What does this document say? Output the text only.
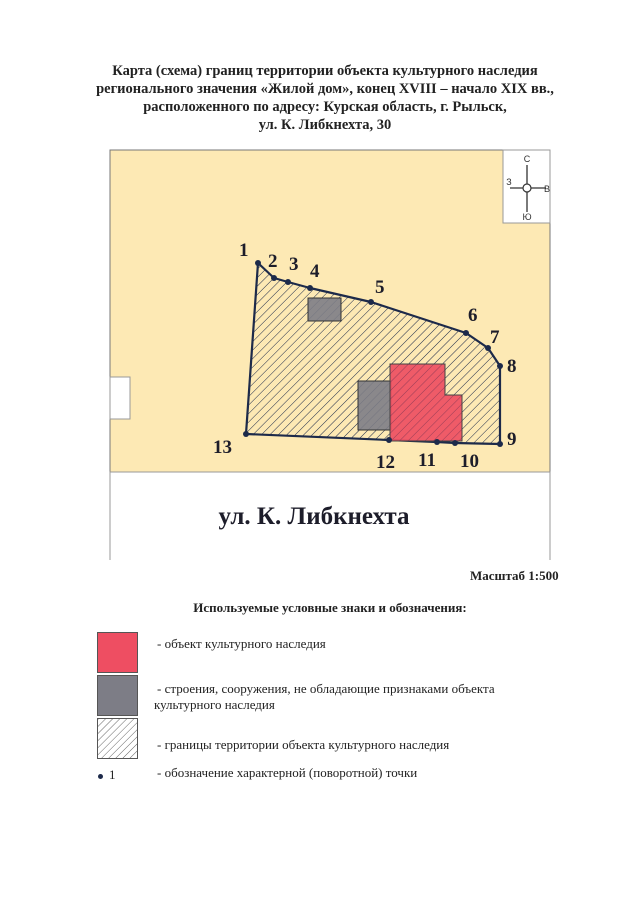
Карта (схема) границ территории объекта культурного наследия
регионального значения «Жилой дом», конец XVIII – начало XIX вв.,
расположенного по адресу: Курская область, г. Рыльск,
ул. К. Либкнехта, 30
ул. К. Либкнехта
С
Ю
З
В
1
2 3 4
5
6
7
8
9
10
11
12
13
Масштаб 1:500
Используемые условные знаки и обозначения:
- объект культурного наследия
- строения, сооружения, не обладающие признаками объекта
культурного наследия
- границы территории объекта культурного наследия
1	- обозначение характерной (поворотной) точки
